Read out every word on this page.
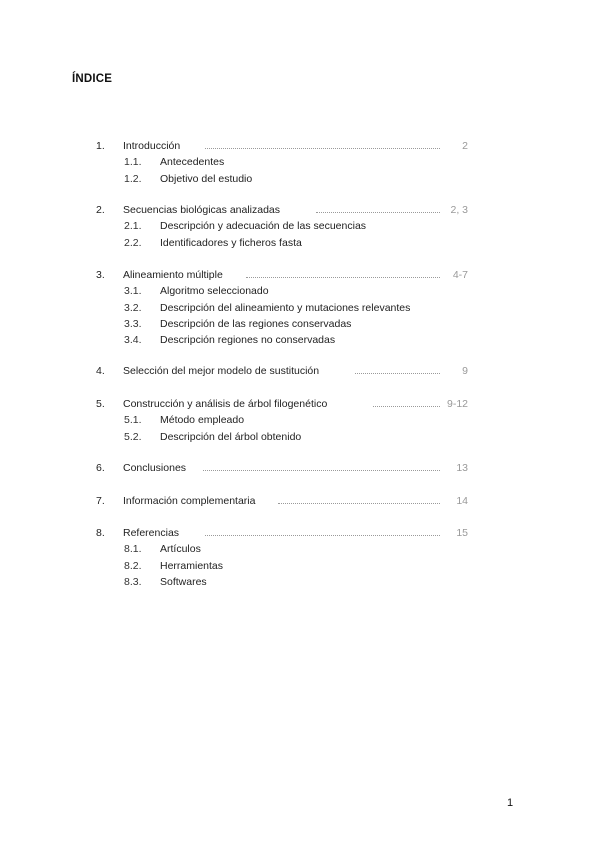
ÍNDICE
1. Introducción	2
1.1. Antecedentes
1.2. Objetivo del estudio
2. Secuencias biológicas analizadas	2, 3
2.1. Descripción y adecuación de las secuencias
2.2. Identificadores y ficheros fasta
3. Alineamiento múltiple	4-7
3.1. Algoritmo seleccionado
3.2. Descripción del alineamiento y mutaciones relevantes
3.3. Descripción de las regiones conservadas
3.4. Descripción regiones no conservadas
4. Selección del mejor modelo de sustitución	9
5. Construcción y análisis de árbol filogenético	9-12
5.1. Método empleado
5.2. Descripción del árbol obtenido
6. Conclusiones	13
7. Información complementaria	14
8. Referencias	15
8.1. Artículos
8.2. Herramientas
8.3. Softwares
1
